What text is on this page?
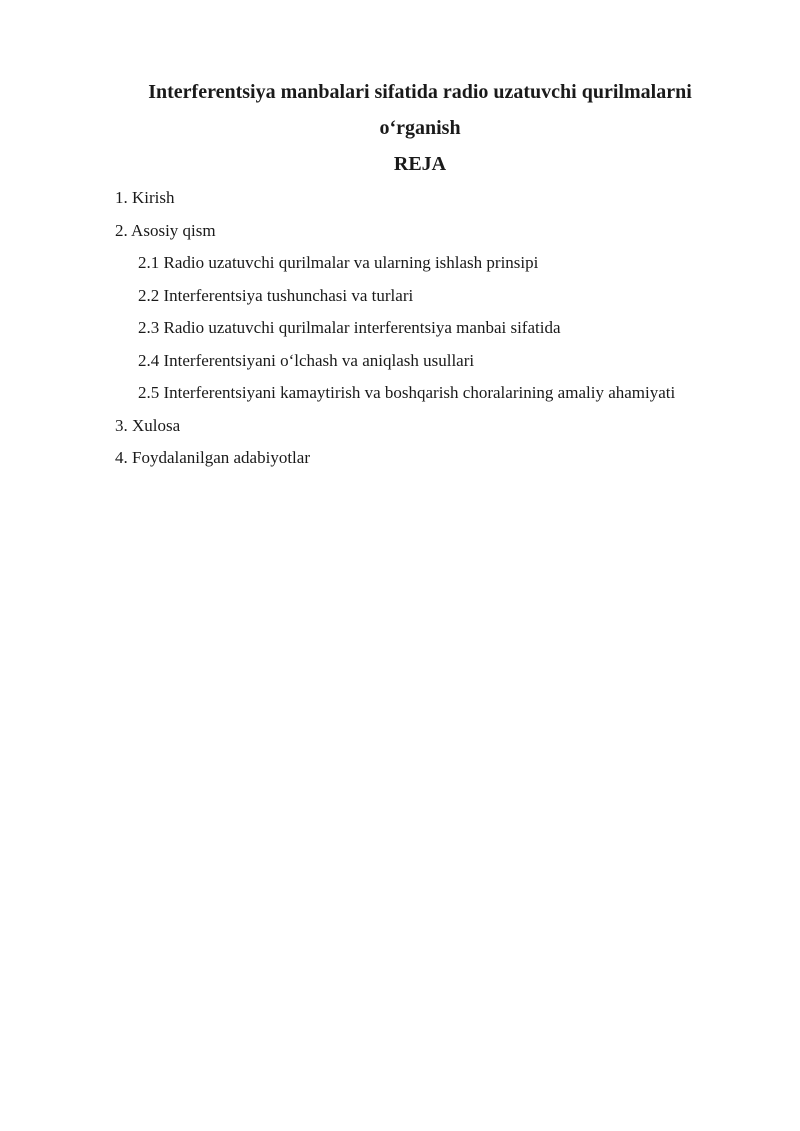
Interferentsiya manbalari sifatida radio uzatuvchi qurilmalarni
o‘rganish
REJA
1. Kirish
2. Asosiy qism
2.1 Radio uzatuvchi qurilmalar va ularning ishlash prinsipi
2.2 Interferentsiya tushunchasi va turlari
2.3 Radio uzatuvchi qurilmalar interferentsiya manbai sifatida
2.4 Interferentsiyani o‘lchash va aniqlash usullari
2.5 Interferentsiyani kamaytirish va boshqarish choralarining amaliy ahamiyati
3. Xulosa
4. Foydalanilgan adabiyotlar
